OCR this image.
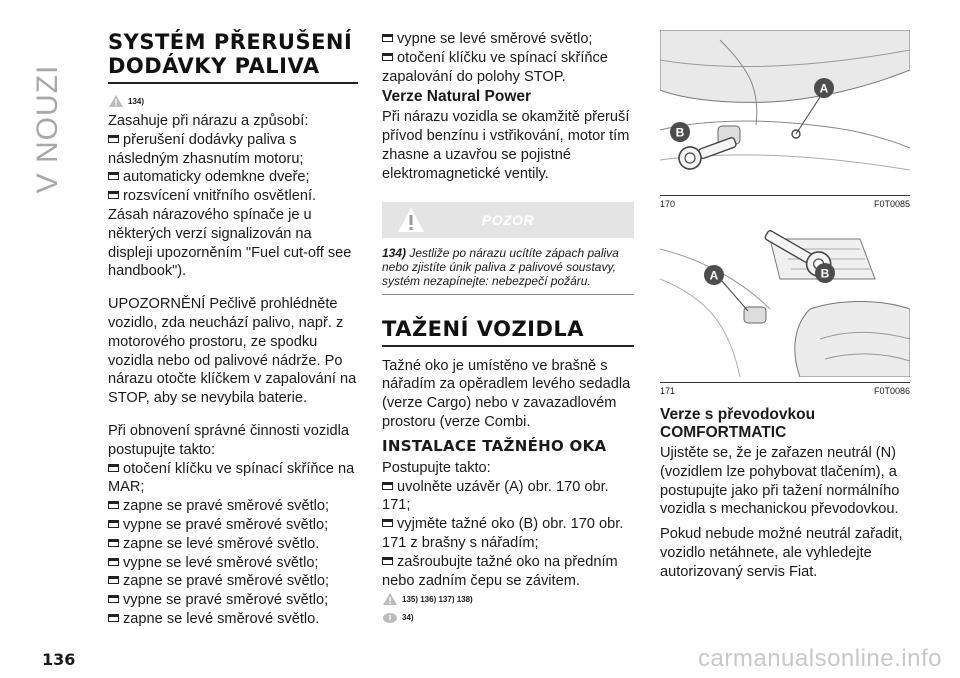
V NOUZI
SYSTÉM PŘERUŠENÍ DODÁVKY PALIVA
134)

Zasahuje při nárazu a způsobí:

přerušení dodávky paliva s následným zhasnutím motoru;
automaticky odemkne dveře;
rozsvícení vnitřního osvětlení.

Zásah nárazového spínače je u některých verzí signalizován na displeji upozorněním "Fuel cut-off see handbook").

UPOZORNĚNÍ Pečlivě prohlédněte vozidlo, zda neuchází palivo, např. z motorového prostoru, ze spodku vozidla nebo od palivové nádrže. Po nárazu otočte klíčkem v zapalování na STOP, aby se nevybila baterie.

Při obnovení správné činnosti vozidla postupujte takto:

otočení klíčku ve spínací skříňce na MAR;
zapne se pravé směrové světlo;
vypne se pravé směrové světlo;
zapne se levé směrové světlo.
vypne se levé směrové světlo;
zapne se pravé směrové světlo;
vypne se pravé směrové světlo;
zapne se levé směrové světlo.

vypne se levé směrové světlo;
otočení klíčku ve spínací skříňce zapalování do polohy STOP.

Verze Natural Power

Při nárazu vozidla se okamžitě přeruší přívod benzínu i vstřikování, motor tím zhasne a uzavřou se pojistné elektromagnetické ventily.

POZOR
134) Jestliže po nárazu ucítíte zápach paliva nebo zjistíte únik paliva z palivové soustavy, systém nezapínejte: nebezpečí požáru.
TAŽENÍ VOZIDLA

Tažné oko je umístěno ve brašně s nářadím za opěradlem levého sedadla (verze Cargo) nebo v zavazadlovém prostoru (verze Combi.

INSTALACE TAŽNÉHO OKA

Postupujte takto:

uvolněte uzávěr (A) obr. 170 obr. 171;
vyjměte tažné oko (B) obr. 170 obr. 171 z brašny s nářadím;
zašroubujte tažné oko na předním nebo zadním čepu se závitem.

135) 136) 137) 138)
34)
A
B
170	F0T0085
A	B
171	F0T0086
Verze s převodovkou COMFORTMATIC

Ujistěte se, že je zařazen neutrál (N) (vozidlem lze pohybovat tlačením), a postupujte jako při tažení normálního vozidla s mechanickou převodovkou.

Pokud nebude možné neutrál zařadit, vozidlo netáhnete, ale vyhledejte autorizovaný servis Fiat.

136	carmanualsonline.info
